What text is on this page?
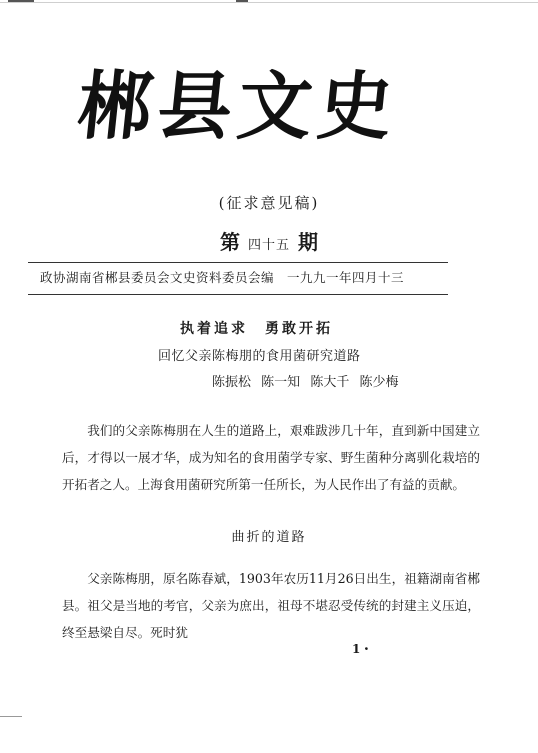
郴县文史
(征求意见稿)
第四十五 期
政协湖南省郴县委员会文史资料委员会编　一九九一年四月十三
执着追求　勇敢开拓
回忆父亲陈梅朋的食用菌研究道路
陈振松 陈一知 陈大千 陈少梅
我们的父亲陈梅朋在人生的道路上，艰难跋涉几十年，直到新中国建立后，才得以一展才华，成为知名的食用菌学专家、野生菌种分离驯化栽培的开拓者之人。上海食用菌研究所第一任所长，为人民作出了有益的贡献。
曲折的道路
父亲陈梅朋，原名陈春斌，1903年农历11月26日出生，祖籍湖南省郴县。祖父是当地的考官，父亲为庶出，祖母不堪忍受传统的封建主义压迫，终至悬梁自尽。死时犹
1・
